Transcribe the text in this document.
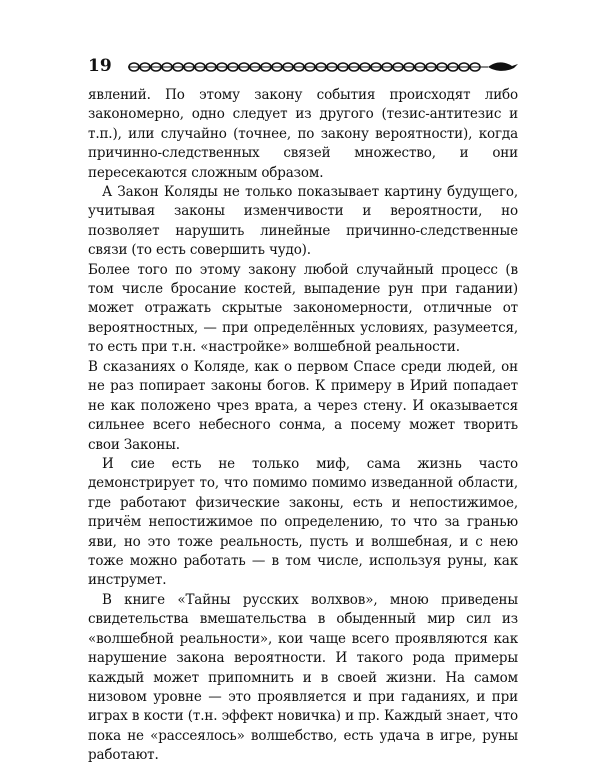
19

явлений. По этому закону события происходят либо закономерно, одно следует из другого (тезис-антитезис и т.п.), или случайно (точнее, по закону вероятности), когда причинно-следственных связей множество, и они пересекаются сложным образом.

А Закон Коляды не только показывает картину будущего, учитывая законы изменчивости и вероятности, но позволяет нарушить линейные причинно-следственные связи (то есть совершить чудо).

Более того по этому закону любой случайный процесс (в том числе бросание костей, выпадение рун при гадании) может отражать скрытые закономерности, отличные от вероятностных, — при определённых условиях, разумеется, то есть при т.н. «настройке» волшебной реальности.

В сказаниях о Коляде, как о первом Спасе среди людей, он не раз попирает законы богов. К примеру в Ирий попадает не как положено чрез врата, а через стену. И оказывается сильнее всего небесного сонма, а посему может творить свои Законы.

И сие есть не только миф, сама жизнь часто демонстрирует то, что помимо помимо изведанной области, где работают физические законы, есть и непостижимое, причём непостижимое по определению, то что за гранью яви, но это тоже реальность, пусть и волшебная, и с нею тоже можно работать — в том числе, используя руны, как инструмет.

В книге «Тайны русских волхвов», мною приведены свидетельства вмешательства в обыденный мир сил из «волшебной реальности», кои чаще всего проявляются как нарушение закона вероятности. И такого рода примеры каждый может припомнить и в своей жизни. На самом низовом уровне — это проявляется и при гаданиях, и при играх в кости (т.н. эффект новичка) и пр. Каждый знает, что пока не «рассеялось» волшебство, есть удача в игре, руны работают.
